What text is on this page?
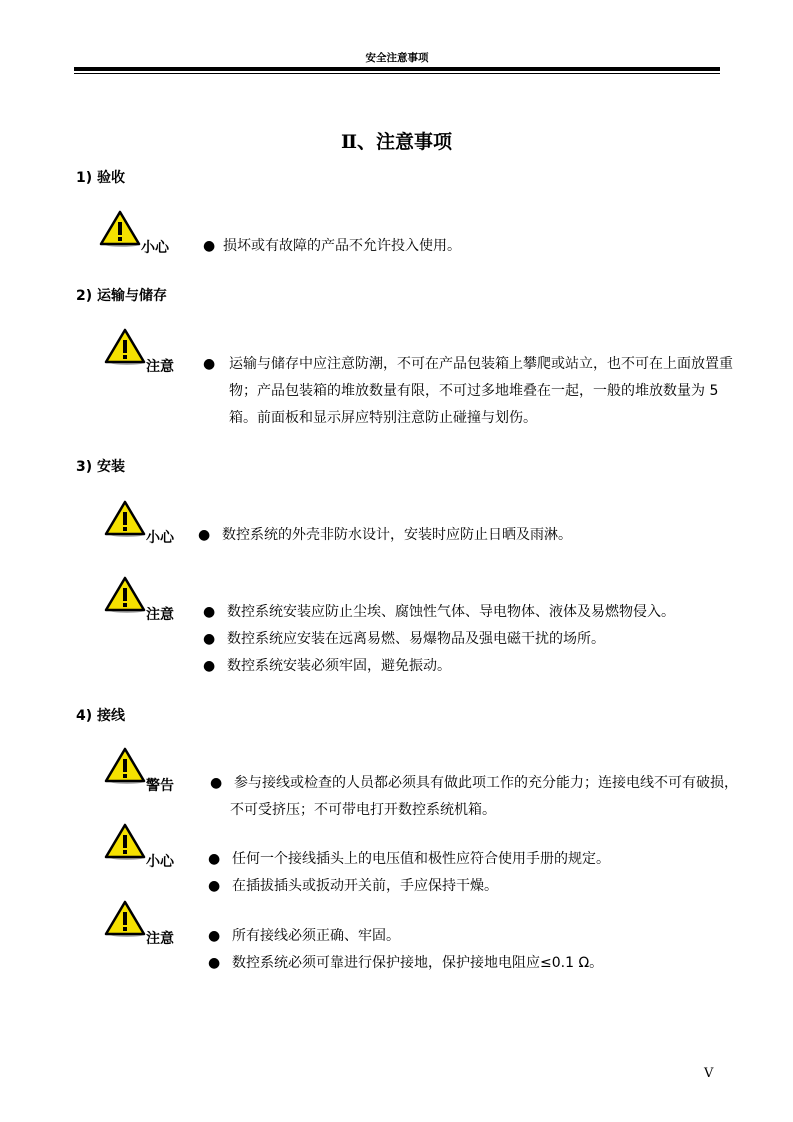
安全注意事项
Ⅱ、注意事项
1) 验收
小心 ● 损坏或有故障的产品不允许投入使用。
2) 运输与储存
注意 ● 运输与储存中应注意防潮，不可在产品包装箱上攀爬或站立，也不可在上面放置重物；产品包装箱的堆放数量有限，不可过多地堆叠在一起，一般的堆放数量为 5 箱。前面板和显示屏应特别注意防止碰撞与划伤。
3) 安装
小心 ● 数控系统的外壳非防水设计，安装时应防止日晒及雨淋。
注意 ● 数控系统安装应防止尘埃、腐蚀性气体、导电物体、液体及易燃物侵入。
● 数控系统应安装在远离易燃、易爆物品及强电磁干扰的场所。
● 数控系统安装必须牢固，避免振动。
4) 接线
警告	● 参与接线或检查的人员都必须具有做此项工作的充分能力；连接电线不可有破损，不可受挤压；不可带电打开数控系统机箱。
小心 ● 任何一个接线插头上的电压值和极性应符合使用手册的规定。
● 在插拔插头或扳动开关前，手应保持干燥。
注意 ● 所有接线必须正确、牢固。
● 数控系统必须可靠进行保护接地，保护接地电阻应≤0.1 Ω。
V
